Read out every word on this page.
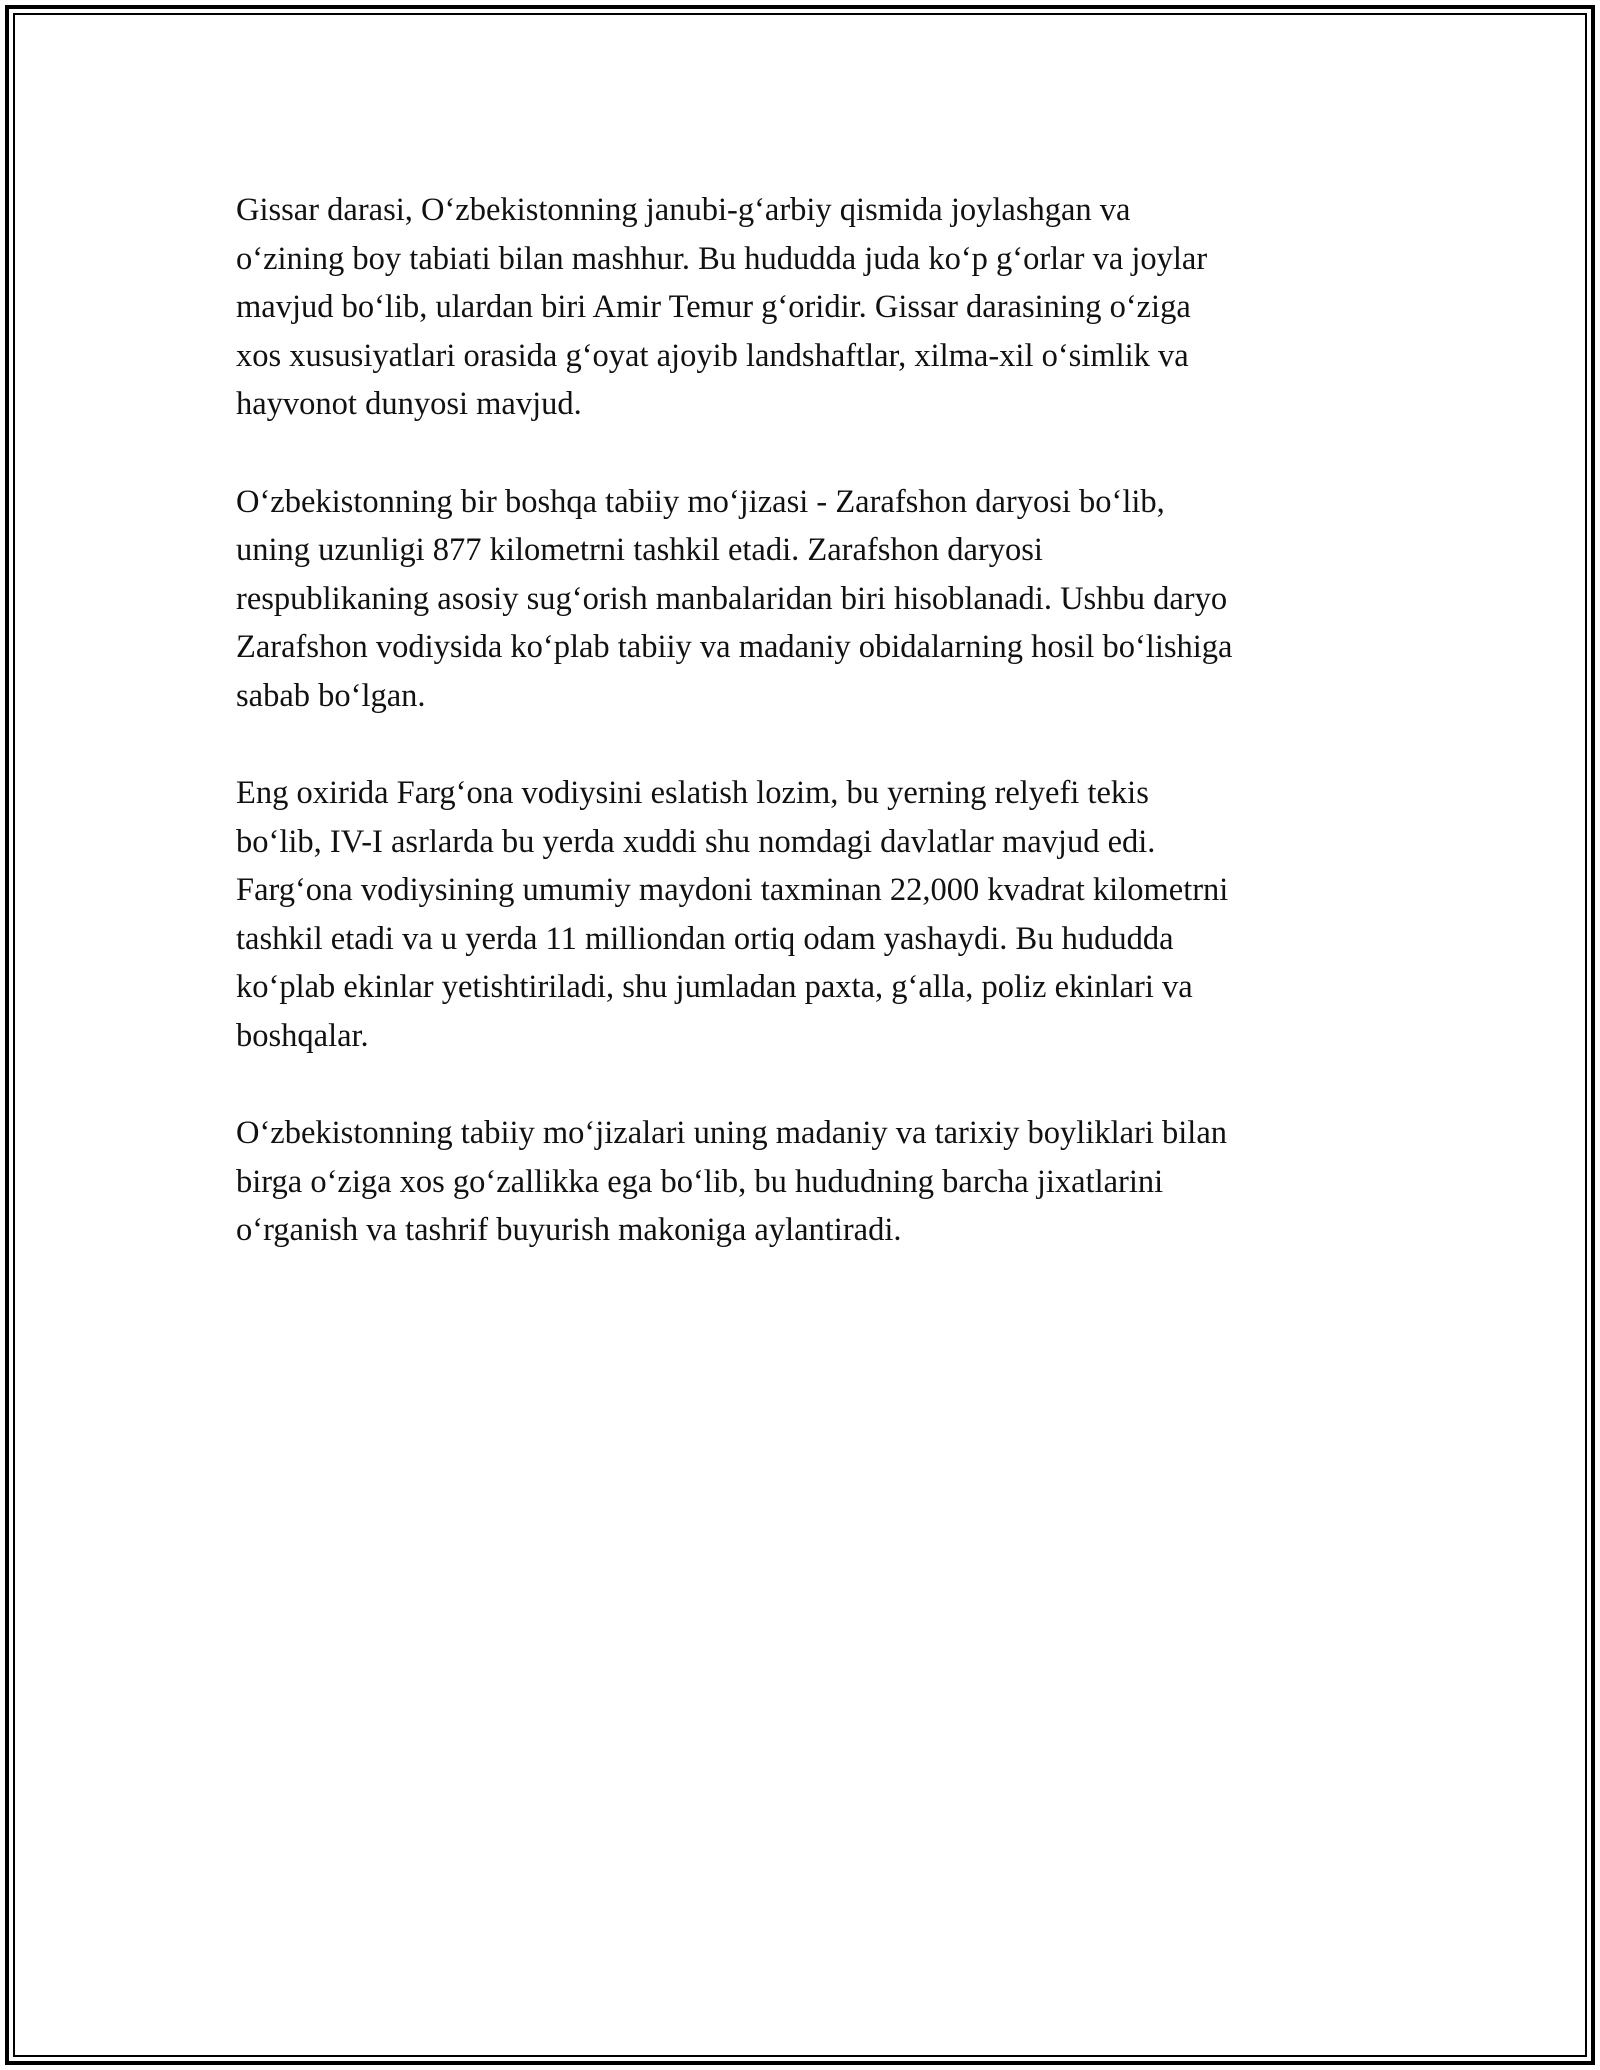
Gissar darasi, O‘zbekistonning janubi-g‘arbiy qismida joylashgan va
o‘zining boy tabiati bilan mashhur. Bu hududda juda ko‘p g‘orlar va joylar
mavjud bo‘lib, ulardan biri Amir Temur g‘oridir. Gissar darasining o‘ziga
xos xususiyatlari orasida g‘oyat ajoyib landshaftlar, xilma-xil o‘simlik va
hayvonot dunyosi mavjud.

O‘zbekistonning bir boshqa tabiiy mo‘jizasi - Zarafshon daryosi bo‘lib,
uning uzunligi 877 kilometrni tashkil etadi. Zarafshon daryosi
respublikaning asosiy sug‘orish manbalaridan biri hisoblanadi. Ushbu daryo
Zarafshon vodiysida ko‘plab tabiiy va madaniy obidalarning hosil bo‘lishiga
sabab bo‘lgan.

Eng oxirida Farg‘ona vodiysini eslatish lozim, bu yerning relyefi tekis
bo‘lib, IV-I asrlarda bu yerda xuddi shu nomdagi davlatlar mavjud edi.
Farg‘ona vodiysining umumiy maydoni taxminan 22,000 kvadrat kilometrni
tashkil etadi va u yerda 11 milliondan ortiq odam yashaydi. Bu hududda
ko‘plab ekinlar yetishtiriladi, shu jumladan paxta, g‘alla, poliz ekinlari va
boshqalar.

O‘zbekistonning tabiiy mo‘jizalari uning madaniy va tarixiy boyliklari bilan
birga o‘ziga xos go‘zallikka ega bo‘lib, bu hududning barcha jixatlarini
o‘rganish va tashrif buyurish makoniga aylantiradi.
